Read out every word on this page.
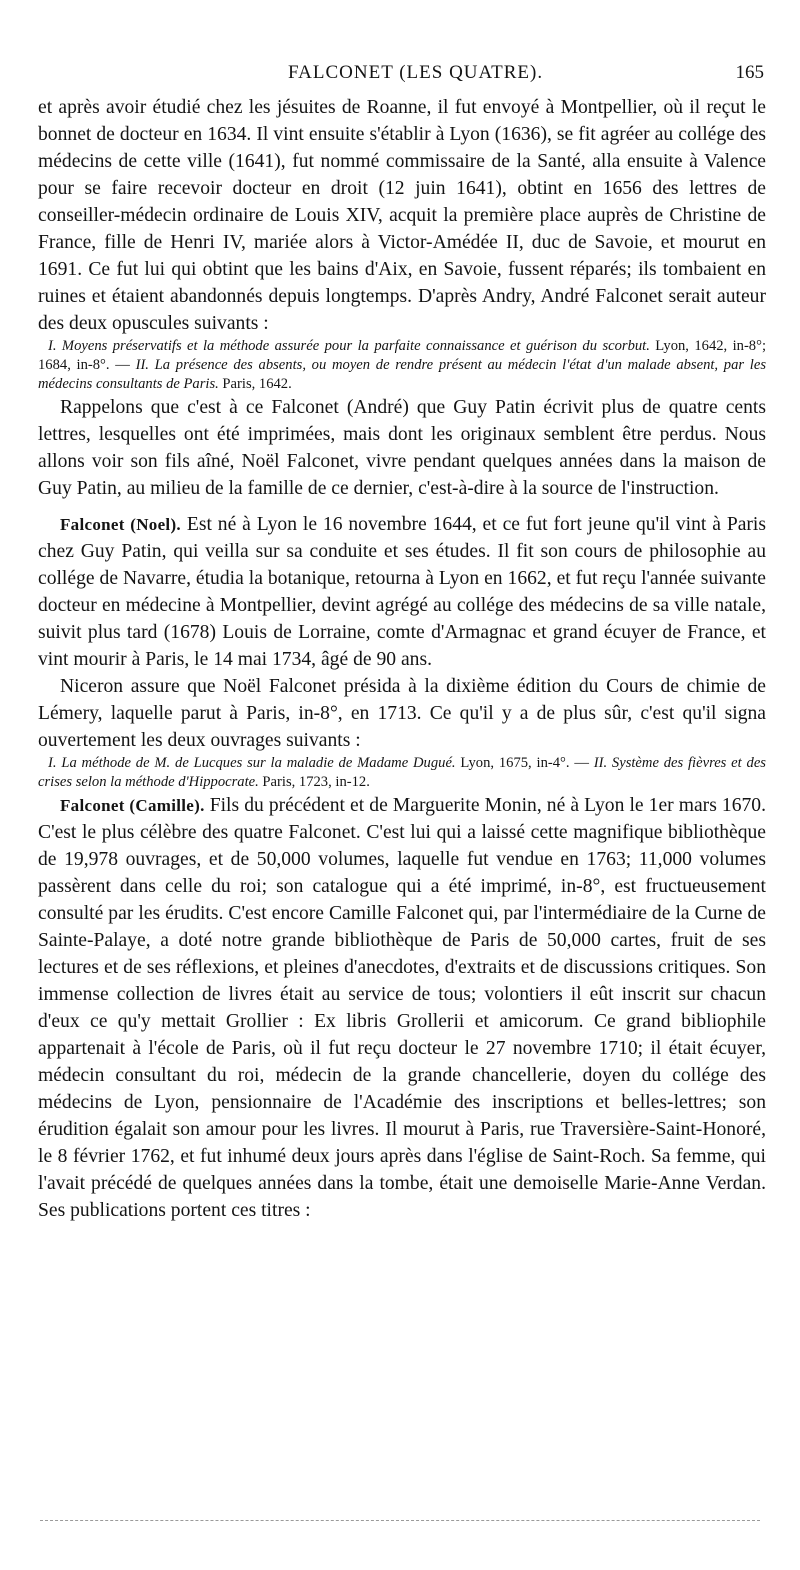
FALCONET (LES QUATRE).	165

et après avoir étudié chez les jésuites de Roanne, il fut envoyé à Montpellier, où il reçut le bonnet de docteur en 1634. Il vint ensuite s'établir à Lyon (1636), se fit agréer au collége des médecins de cette ville (1641), fut nommé commissaire de la Santé, alla ensuite à Valence pour se faire recevoir docteur en droit (12 juin 1641), obtint en 1656 des lettres de conseiller-médecin ordinaire de Louis XIV, acquit la première place auprès de Christine de France, fille de Henri IV, mariée alors à Victor-Amédée II, duc de Savoie, et mourut en 1691. Ce fut lui qui obtint que les bains d'Aix, en Savoie, fussent réparés; ils tombaient en ruines et étaient abandonnés depuis longtemps. D'après Andry, André Falconet serait auteur des deux opuscules suivants :

I. Moyens préservatifs et la méthode assurée pour la parfaite connaissance et guérison du scorbut. Lyon, 1642, in-8°; 1684, in-8°. — II. La présence des absents, ou moyen de rendre présent au médecin l'état d'un malade absent, par les médecins consultants de Paris. Paris, 1642.

Rappelons que c'est à ce Falconet (André) que Guy Patin écrivit plus de quatre cents lettres, lesquelles ont été imprimées, mais dont les originaux semblent être perdus. Nous allons voir son fils aîné, Noël Falconet, vivre pendant quelques années dans la maison de Guy Patin, au milieu de la famille de ce dernier, c'est-à-dire à la source de l'instruction.

Falconet (Noel). Est né à Lyon le 16 novembre 1644, et ce fut fort jeune qu'il vint à Paris chez Guy Patin, qui veilla sur sa conduite et ses études. Il fit son cours de philosophie au collége de Navarre, étudia la botanique, retourna à Lyon en 1662, et fut reçu l'année suivante docteur en médecine à Montpellier, devint agrégé au collége des médecins de sa ville natale, suivit plus tard (1678) Louis de Lorraine, comte d'Armagnac et grand écuyer de France, et vint mourir à Paris, le 14 mai 1734, âgé de 90 ans.

Niceron assure que Noël Falconet présida à la dixième édition du Cours de chimie de Lémery, laquelle parut à Paris, in-8°, en 1713. Ce qu'il y a de plus sûr, c'est qu'il signa ouvertement les deux ouvrages suivants :

I. La méthode de M. de Lucques sur la maladie de Madame Dugué. Lyon, 1675, in-4°. — II. Système des fièvres et des crises selon la méthode d'Hippocrate. Paris, 1723, in-12.

Falconet (Camille). Fils du précédent et de Marguerite Monin, né à Lyon le 1er mars 1670. C'est le plus célèbre des quatre Falconet. C'est lui qui a laissé cette magnifique bibliothèque de 19,978 ouvrages, et de 50,000 volumes, laquelle fut vendue en 1763; 11,000 volumes passèrent dans celle du roi; son catalogue qui a été imprimé, in-8°, est fructueusement consulté par les érudits. C'est encore Camille Falconet qui, par l'intermédiaire de la Curne de Sainte-Palaye, a doté notre grande bibliothèque de Paris de 50,000 cartes, fruit de ses lectures et de ses réflexions, et pleines d'anecdotes, d'extraits et de discussions critiques. Son immense collection de livres était au service de tous; volontiers il eût inscrit sur chacun d'eux ce qu'y mettait Grollier : Ex libris Grollerii et amicorum. Ce grand bibliophile appartenait à l'école de Paris, où il fut reçu docteur le 27 novembre 1710; il était écuyer, médecin consultant du roi, médecin de la grande chancellerie, doyen du collége des médecins de Lyon, pensionnaire de l'Académie des inscriptions et belles-lettres; son érudition égalait son amour pour les livres. Il mourut à Paris, rue Traversière-Saint-Honoré, le 8 février 1762, et fut inhumé deux jours après dans l'église de Saint-Roch. Sa femme, qui l'avait précédé de quelques années dans la tombe, était une demoiselle Marie-Anne Verdan. Ses publications portent ces titres :
